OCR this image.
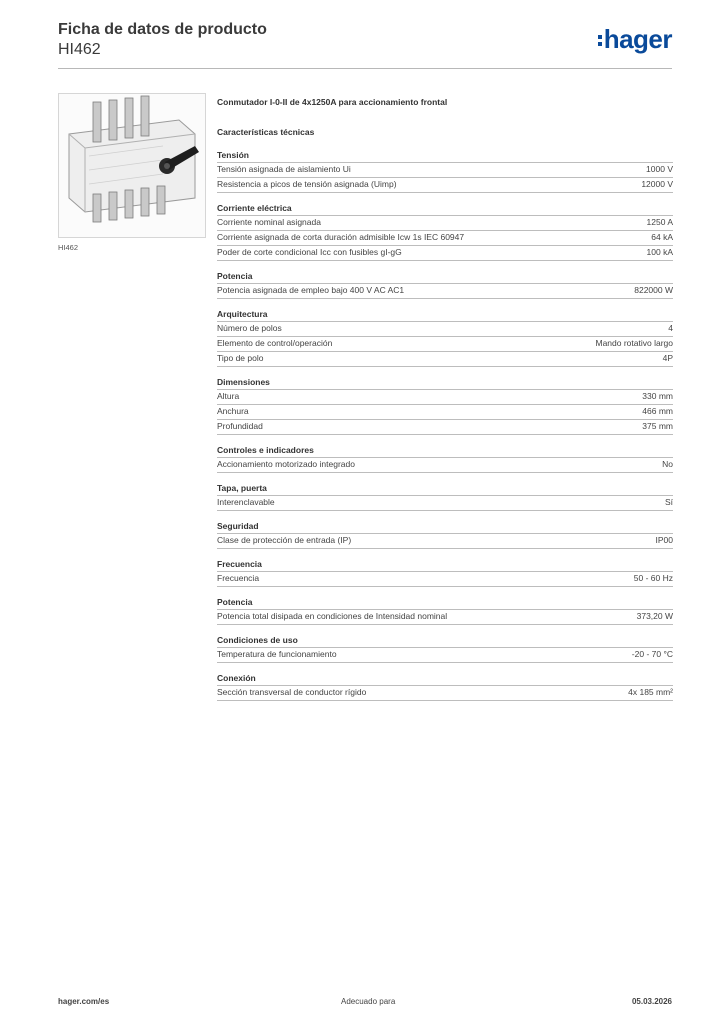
Ficha de datos de producto
HI462	hager
HI462
Conmutador I-0-II de 4x1250A para accionamiento frontal
Características técnicas
Tensión
Tensión asignada de aislamiento Ui	1000 V
Resistencia a picos de tensión asignada (Uimp)	12000 V
Corriente eléctrica
Corriente nominal asignada	1250 A
Corriente asignada de corta duración admisible Icw 1s IEC 60947	64 kA
Poder de corte condicional Icc con fusibles gI-gG	100 kA
Potencia
Potencia asignada de empleo bajo 400 V AC AC1	822000 W
Arquitectura
Número de polos	4
Elemento de control/operación	Mando rotativo largo
Tipo de polo	4P
Dimensiones
Altura	330 mm
Anchura	466 mm
Profundidad	375 mm
Controles e indicadores
Accionamiento motorizado integrado	No
Tapa, puerta
Interenclavable	Sí
Seguridad
Clase de protección de entrada (IP)	IP00
Frecuencia
Frecuencia	50 - 60 Hz
Potencia
Potencia total disipada en condiciones de Intensidad nominal	373,20 W
Condiciones de uso
Temperatura de funcionamiento	-20 - 70 °C
Conexión
Sección transversal de conductor rígido	4x 185 mm²
hager.com/es	Adecuado para	05.03.2026
